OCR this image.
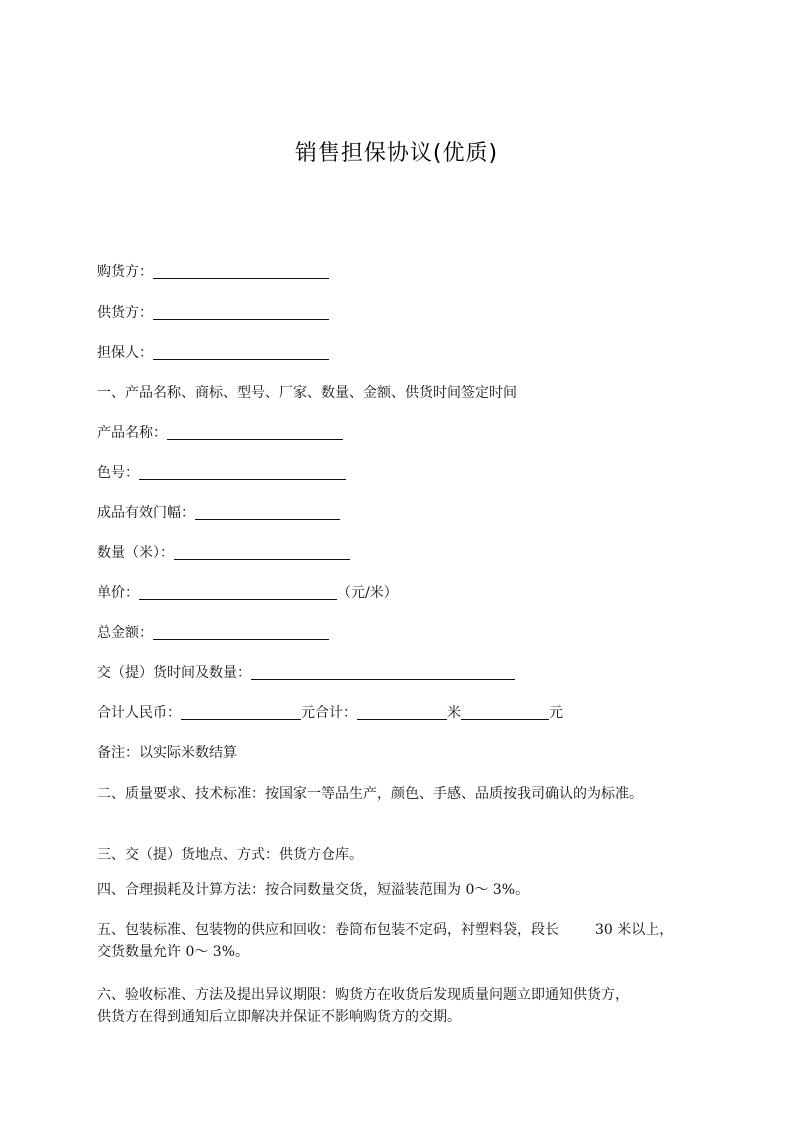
销售担保协议(优质)
购货方：
供货方：
担保人：
一、产品名称、商标、型号、厂家、数量、金额、供货时间签定时间
产品名称：
色号：
成品有效门幅：
数量（米）：
单价：	（元/米）
总金额：
交（提）货时间及数量：
合计人民币：	元合计：	米	元
备注：以实际米数结算
二、质量要求、技术标准：按国家一等品生产，颜色、手感、品质按我司确认的为标准。
三、交（提）货地点、方式：供货方仓库。
四、合理损耗及计算方法：按合同数量交货，短溢装范围为 0～ 3%。
五、包装标准、包装物的供应和回收：卷筒布包装不定码，衬塑料袋，段长	30 米以上，
交货数量允许 0～ 3%。
六、验收标准、方法及提出异议期限：购货方在收货后发现质量问题立即通知供货方，
供货方在得到通知后立即解决并保证不影响购货方的交期。
